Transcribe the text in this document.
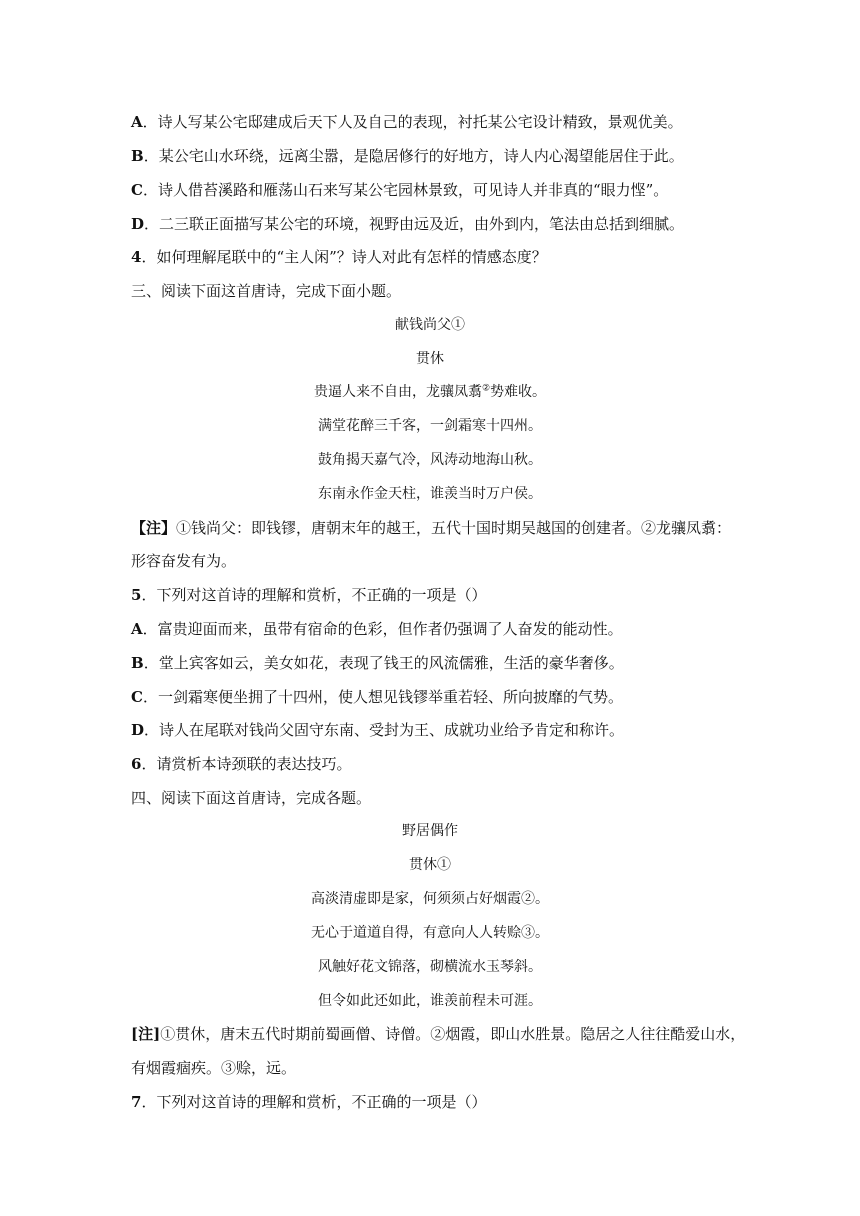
A．诗人写某公宅邸建成后天下人及自己的表现，衬托某公宅设计精致，景观优美。
B．某公宅山水环绕，远离尘嚣，是隐居修行的好地方，诗人内心渴望能居住于此。
C．诗人借苔溪路和雁荡山石来写某公宅园林景致，可见诗人并非真的“眼力悭”。
D．二三联正面描写某公宅的环境，视野由远及近，由外到内，笔法由总括到细腻。
4．如何理解尾联中的“主人闲”？诗人对此有怎样的情感态度？
三、阅读下面这首唐诗，完成下面小题。
献钱尚父①
贯休
贵逼人来不自由，龙骧凤翥②势难收。
满堂花醉三千客，一剑霜寒十四州。
鼓角揭天嘉气冷，风涛动地海山秋。
东南永作金天柱，谁羡当时万户侯。
【注】①钱尚父：即钱镠，唐朝末年的越王，五代十国时期吴越国的创建者。②龙骧凤翥：
形容奋发有为。
5．下列对这首诗的理解和赏析，不正确的一项是（）
A．富贵迎面而来，虽带有宿命的色彩，但作者仍强调了人奋发的能动性。
B．堂上宾客如云，美女如花，表现了钱王的风流儒雅，生活的豪华奢侈。
C．一剑霜寒便坐拥了十四州，使人想见钱镠举重若轻、所向披靡的气势。
D．诗人在尾联对钱尚父固守东南、受封为王、成就功业给予肯定和称许。
6．请赏析本诗颈联的表达技巧。
四、阅读下面这首唐诗，完成各题。
野居偶作
贯休①
高淡清虚即是家，何须须占好烟霞②。
无心于道道自得，有意向人人转赊③。
风触好花文锦落，砌横流水玉琴斜。
但令如此还如此，谁羡前程未可涯。
[注]①贯休，唐末五代时期前蜀画僧、诗僧。②烟霞，即山水胜景。隐居之人往往酷爱山水，
有烟霞痼疾。③赊，远。
7．下列对这首诗的理解和赏析，不正确的一项是（）
